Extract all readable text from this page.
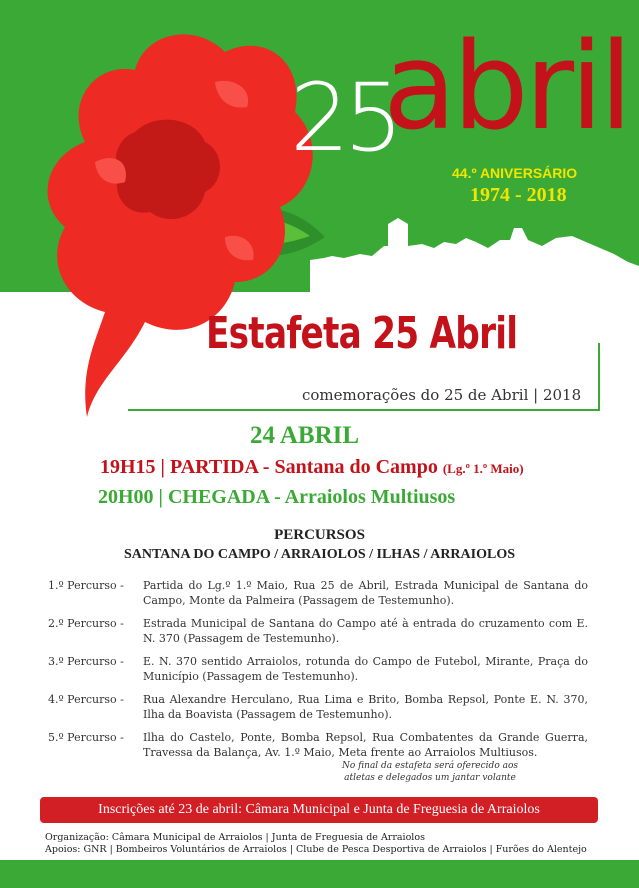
25
abril
44.º ANIVERSÁRIO
1974 - 2018
Estafeta 25 Abril
comemorações do 25 de Abril | 2018
24 ABRIL
19H15 | PARTIDA - Santana do Campo (Lg.º 1.º Maio)
20H00 | CHEGADA - Arraiolos Multiusos
PERCURSOS
SANTANA DO CAMPO / ARRAIOLOS / ILHAS / ARRAIOLOS
1.º Percurso -	Partida do Lg.º 1.º Maio, Rua 25 de Abril, Estrada Municipal de Santana do Campo, Monte da Palmeira (Passagem de Testemunho).
2.º Percurso -	Estrada Municipal de Santana do Campo até à entrada do cruzamento com E. N. 370 (Passagem de Testemunho).
3.º Percurso -	E. N. 370 sentido Arraiolos, rotunda do Campo de Futebol, Mirante, Praça do Município (Passagem de Testemunho).
4.º Percurso -	Rua Alexandre Herculano, Rua Lima e Brito, Bomba Repsol, Ponte E. N. 370, Ilha da Boavista (Passagem de Testemunho).
5.º Percurso -	Ilha do Castelo, Ponte, Bomba Repsol, Rua Combatentes da Grande Guerra, Travessa da Balança, Av. 1.º Maio, Meta frente ao Arraiolos Multiusos.
No final da estafeta será oferecido aos
atletas e delegados um jantar volante
Inscrições até 23 de abril: Câmara Municipal e Junta de Freguesia de Arraiolos
Organização: Câmara Municipal de Arraiolos | Junta de Freguesia de Arraiolos
Apoios: GNR | Bombeiros Voluntários de Arraiolos | Clube de Pesca Desportiva de Arraiolos | Furões do Alentejo
